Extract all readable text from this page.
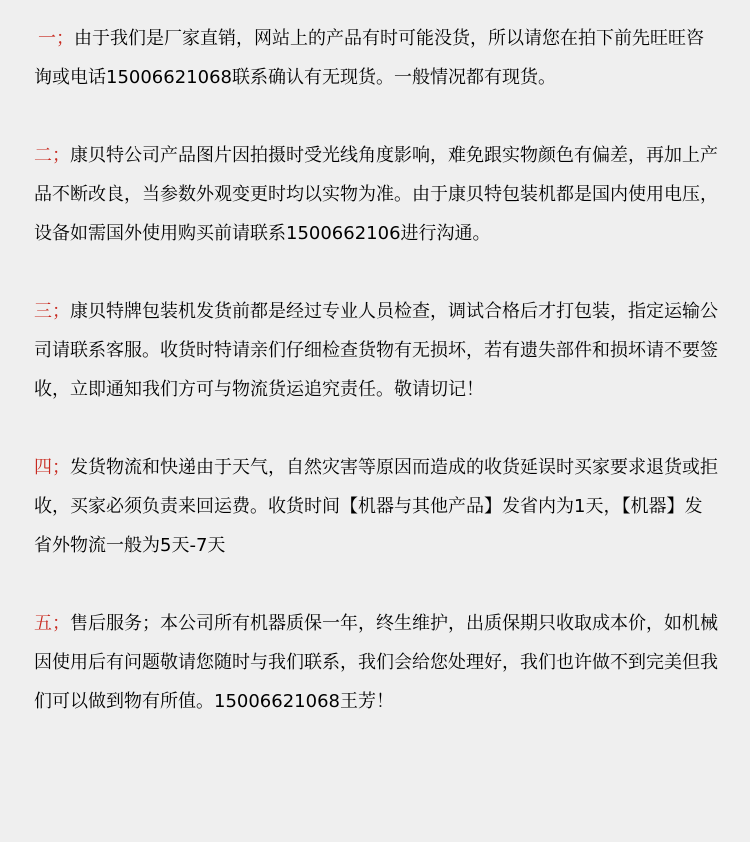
一；由于我们是厂家直销，网站上的产品有时可能没货，所以请您在拍下前先旺旺咨询或电话15006621068联系确认有无现货。一般情况都有现货。

二；康贝特公司产品图片因拍摄时受光线角度影响，难免跟实物颜色有偏差，再加上产品不断改良，当参数外观变更时均以实物为准。由于康贝特包装机都是国内使用电压，设备如需国外使用购买前请联系1500662106进行沟通。

三；康贝特牌包装机发货前都是经过专业人员检查，调试合格后才打包装，指定运输公司请联系客服。收货时特请亲们仔细检查货物有无损坏，若有遗失部件和损坏请不要签收，立即通知我们方可与物流货运追究责任。敬请切记！

四；发货物流和快递由于天气，自然灾害等原因而造成的收货延误时买家要求退货或拒收，买家必须负责来回运费。收货时间【机器与其他产品】发省内为1天，【机器】发省外物流一般为5天-7天

五；售后服务；本公司所有机器质保一年，终生维护，出质保期只收取成本价，如机械因使用后有问题敬请您随时与我们联系，我们会给您处理好，我们也许做不到完美但我们可以做到物有所值。15006621068王芳！
